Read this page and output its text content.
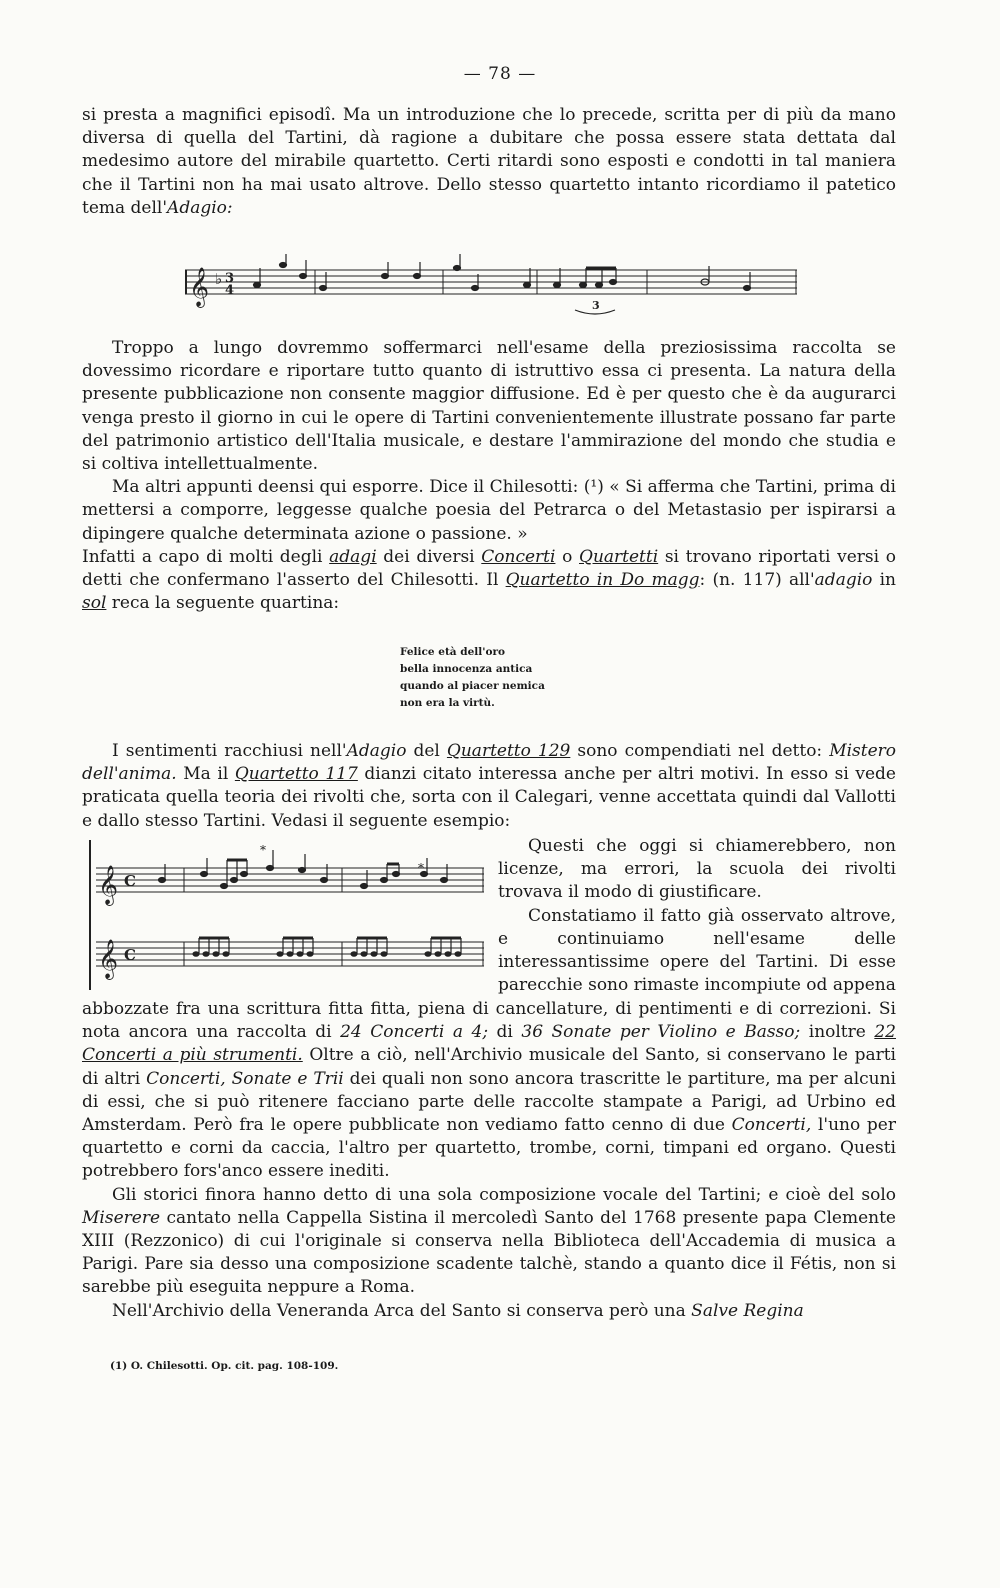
— 78 —

si presta a magnifici episodî. Ma un introduzione che lo precede, scritta per di più da mano diversa di quella del Tartini, dà ragione a dubitare che possa essere stata dettata dal medesimo autore del mirabile quartetto. Certi ritardi sono esposti e condotti in tal maniera che il Tartini non ha mai usato altrove. Dello stesso quartetto intanto ricordiamo il patetico tema dell'Adagio:

𝄞 ♭ 3
4
3

Troppo a lungo dovremmo soffermarci nell'esame della preziosissima raccolta se dovessimo ricordare e riportare tutto quanto di istruttivo essa ci presenta. La natura della presente pubblicazione non consente maggior diffusione. Ed è per questo che è da augurarci venga presto il giorno in cui le opere di Tartini convenientemente illustrate possano far parte del patrimonio artistico dell'Italia musicale, e destare l'ammirazione del mondo che studia e si coltiva intellettualmente.

Ma altri appunti deensi qui esporre. Dice il Chilesotti: (¹) « Si afferma che Tartini, prima di mettersi a comporre, leggesse qualche poesia del Petrarca o del Metastasio per ispirarsi a dipingere qualche determinata azione o passione. »

Infatti a capo di molti degli adagi dei diversi Concerti o Quartetti si trovano riportati versi o detti che confermano l'asserto del Chilesotti. Il Quartetto in Do magg: (n. 117) all'adagio in sol reca la seguente quartina:

Felice età dell'oro
bella innocenza antica
quando al piacer nemica
non era la virtù.

I sentimenti racchiusi nell'Adagio del Quartetto 129 sono compendiati nel detto: Mistero dell'anima. Ma il Quartetto 117 dianzi citato interessa anche per altri motivi. In esso si vede praticata quella teoria dei rivolti che, sorta con il Calegari, venne accettata quindi dal Vallotti e dallo stesso Tartini. Vedasi il seguente esempio:

𝄞
𝄞
C
C
*
*

Questi che oggi si chiamerebbero, non licenze, ma errori, la scuola dei rivolti trovava il modo di giustificare.

Constatiamo il fatto già osservato altrove, e continuiamo nell'esame delle interessantissime opere del Tartini. Di esse parecchie sono rimaste incompiute od appena

abbozzate fra una scrittura fitta fitta, piena di cancellature, di pentimenti e di correzioni. Si nota ancora una raccolta di 24 Concerti a 4; di 36 Sonate per Violino e Basso; inoltre 22 Concerti a più strumenti. Oltre a ciò, nell'Archivio musicale del Santo, si conservano le parti di altri Concerti, Sonate e Trii dei quali non sono ancora trascritte le partiture, ma per alcuni di essi, che si può ritenere facciano parte delle raccolte stampate a Parigi, ad Urbino ed Amsterdam. Però fra le opere pubblicate non vediamo fatto cenno di due Concerti, l'uno per quartetto e corni da caccia, l'altro per quartetto, trombe, corni, timpani ed organo. Questi potrebbero fors'anco essere inediti.

Gli storici finora hanno detto di una sola composizione vocale del Tartini; e cioè del solo Miserere cantato nella Cappella Sistina il mercoledì Santo del 1768 presente papa Clemente XIII (Rezzonico) di cui l'originale si conserva nella Biblioteca dell'Accademia di musica a Parigi. Pare sia desso una composizione scadente talchè, stando a quanto dice il Fétis, non si sarebbe più eseguita neppure a Roma.

Nell'Archivio della Veneranda Arca del Santo si conserva però una Salve Regina

(1) O. Chilesotti. Op. cit. pag. 108-109.
